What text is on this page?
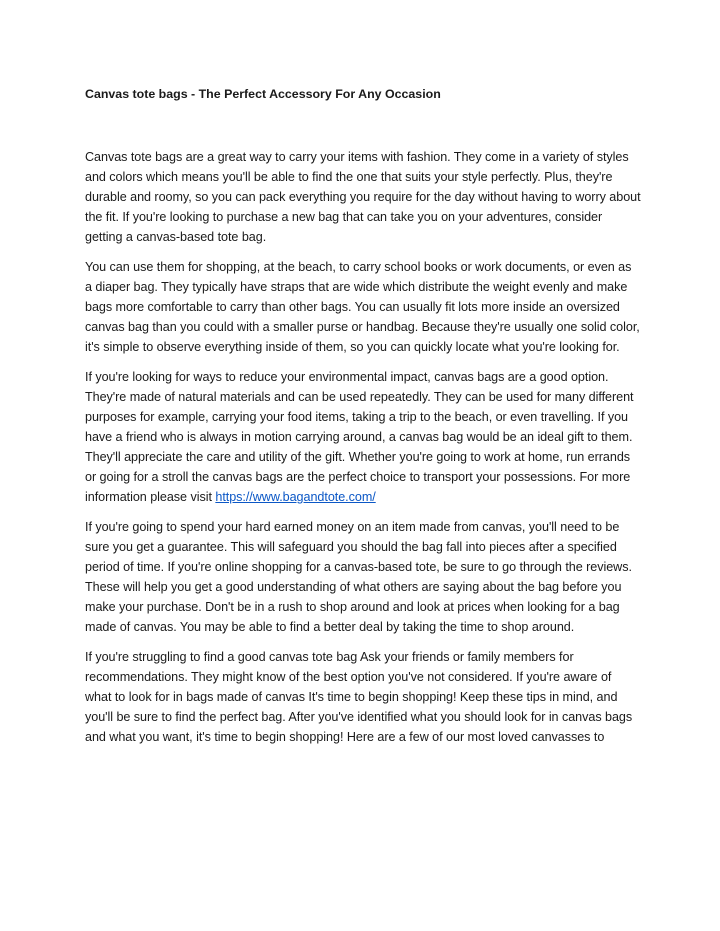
Canvas tote bags - The Perfect Accessory For Any Occasion

Canvas tote bags are a great way to carry your items with fashion. They come in a variety of styles and colors which means you'll be able to find the one that suits your style perfectly. Plus, they're durable and roomy, so you can pack everything you require for the day without having to worry about the fit. If you're looking to purchase a new bag that can take you on your adventures, consider getting a canvas-based tote bag.

You can use them for shopping, at the beach, to carry school books or work documents, or even as a diaper bag. They typically have straps that are wide which distribute the weight evenly and make bags more comfortable to carry than other bags. You can usually fit lots more inside an oversized canvas bag than you could with a smaller purse or handbag. Because they're usually one solid color, it's simple to observe everything inside of them, so you can quickly locate what you're looking for.

If you're looking for ways to reduce your environmental impact, canvas bags are a good option. They're made of natural materials and can be used repeatedly. They can be used for many different purposes for example, carrying your food items, taking a trip to the beach, or even travelling. If you have a friend who is always in motion carrying around, a canvas bag would be an ideal gift to them. They'll appreciate the care and utility of the gift. Whether you're going to work at home, run errands or going for a stroll the canvas bags are the perfect choice to transport your possessions. For more information please visit https://www.bagandtote.com/

If you're going to spend your hard earned money on an item made from canvas, you'll need to be sure you get a guarantee. This will safeguard you should the bag fall into pieces after a specified period of time. If you're online shopping for a canvas-based tote, be sure to go through the reviews. These will help you get a good understanding of what others are saying about the bag before you make your purchase. Don't be in a rush to shop around and look at prices when looking for a bag made of canvas. You may be able to find a better deal by taking the time to shop around.

If you're struggling to find a good canvas tote bag Ask your friends or family members for recommendations. They might know of the best option you've not considered. If you're aware of what to look for in bags made of canvas It's time to begin shopping! Keep these tips in mind, and you'll be sure to find the perfect bag. After you've identified what you should look for in canvas bags and what you want, it's time to begin shopping! Here are a few of our most loved canvasses to
